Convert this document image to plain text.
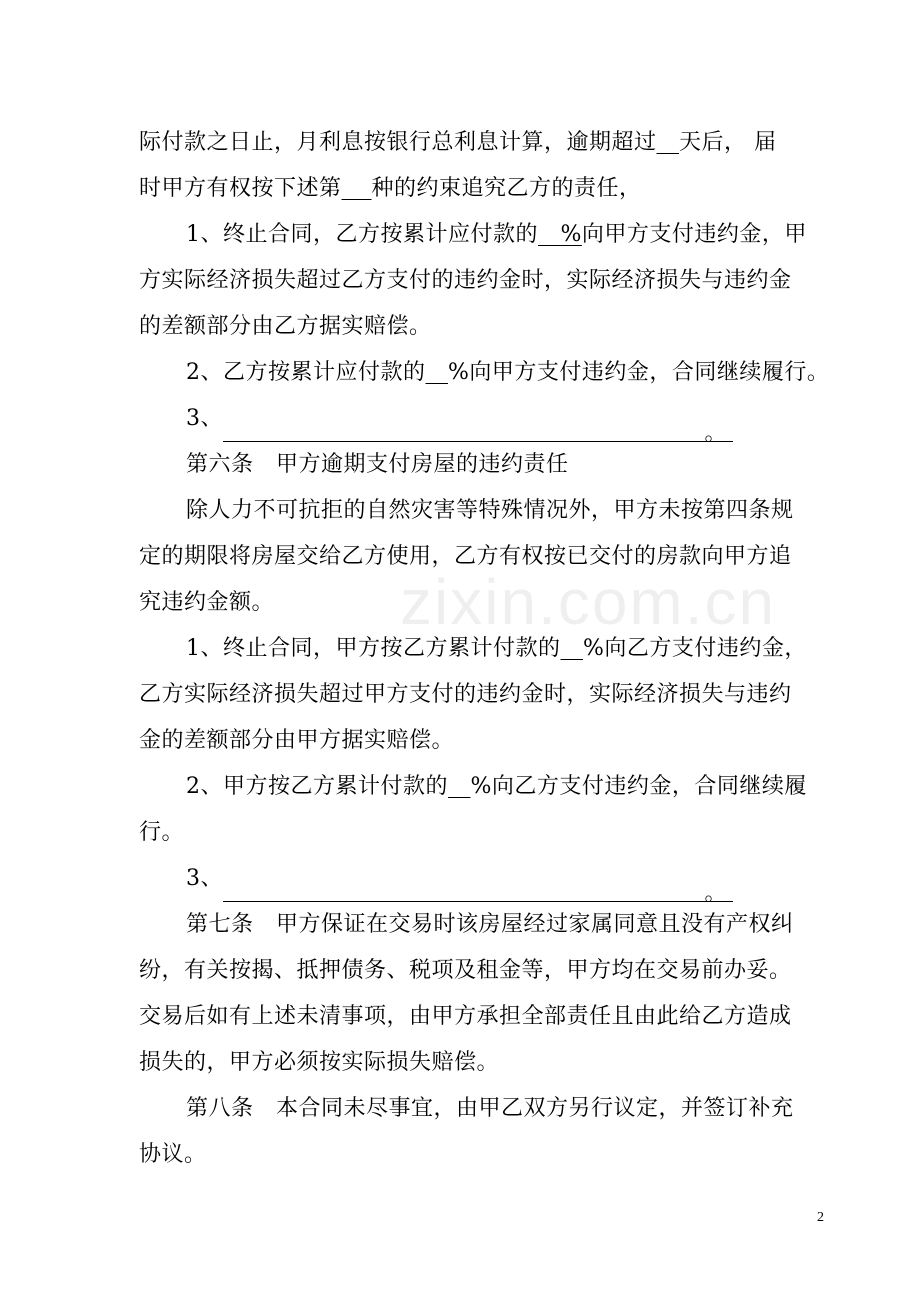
zixin.com.cn
际付款之日止，月利息按银行总利息计算，逾期超过 天后， 届
时甲方有权按下述第 种的约束追究乙方的责任，
1、终止合同，乙方按累计应付款的   %向甲方支付违约金，甲
方实际经济损失超过乙方支付的违约金时，实际经济损失与违约金
的差额部分由乙方据实赔偿。
2、乙方按累计应付款的 %向甲方支付违约金，合同继续履行。
3、。
第六条　甲方逾期支付房屋的违约责任
除人力不可抗拒的自然灾害等特殊情况外，甲方未按第四条规
定的期限将房屋交给乙方使用，乙方有权按已交付的房款向甲方追
究违约金额。
1、终止合同，甲方按乙方累计付款的 %向乙方支付违约金，
乙方实际经济损失超过甲方支付的违约金时，实际经济损失与违约
金的差额部分由甲方据实赔偿。
2、甲方按乙方累计付款的 %向乙方支付违约金，合同继续履
行。
3、。
第七条　甲方保证在交易时该房屋经过家属同意且没有产权纠
纷，有关按揭、抵押债务、税项及租金等，甲方均在交易前办妥。
交易后如有上述未清事项，由甲方承担全部责任且由此给乙方造成
损失的，甲方必须按实际损失赔偿。
第八条　本合同未尽事宜，由甲乙双方另行议定，并签订补充
协议。
2
